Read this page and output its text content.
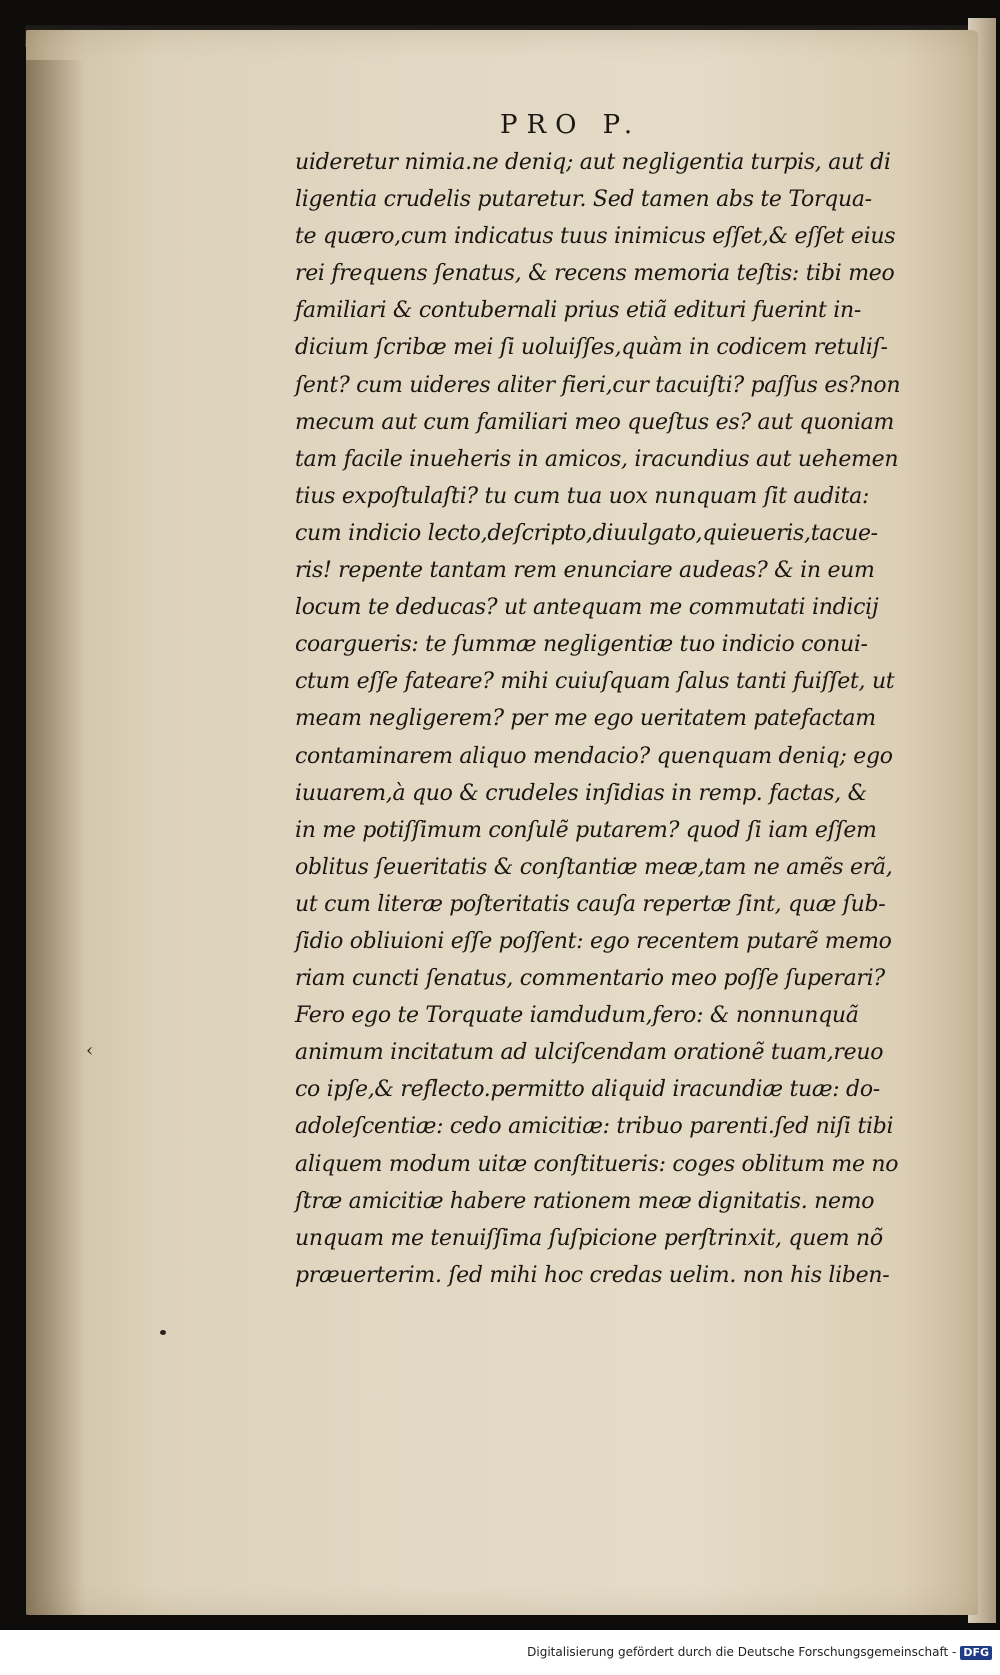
PRO P.
uideretur nimia.ne deniq; aut negligentia turpis, aut di
ligentia crudelis putaretur. Sed tamen abs te Torqua-
te quæro,cum indicatus tuus inimicus eſſet,& eſſet eius
rei frequens ſenatus, & recens memoria teſtis: tibi meo
familiari & contubernali prius etiã edituri fuerint in-
dicium ſcribæ mei ſi uoluiſſes,quàm in codicem retuliſ-
ſent? cum uideres aliter fieri,cur tacuiſti? paſſus es?non
mecum aut cum familiari meo queſtus es? aut quoniam
tam facile inueheris in amicos, iracundius aut uehemen
tius expoſtulaſti? tu cum tua uox nunquam ſit audita:
cum indicio lecto,deſcripto,diuulgato,quieueris,tacue-
ris! repente tantam rem enunciare audeas? & in eum
locum te deducas? ut antequam me commutati indicij
coargueris: te ſummæ negligentiæ tuo indicio conui-
ctum eſſe fateare? mihi cuiuſquam ſalus tanti fuiſſet, ut
meam negligerem? per me ego ueritatem patefactam
contaminarem aliquo mendacio? quenquam deniq; ego
iuuarem,à quo & crudeles inſidias in remp. factas, &
in me potiſſimum conſulẽ putarem? quod ſi iam eſſem
oblitus ſeueritatis & conſtantiæ meæ,tam ne amẽs erã,
ut cum literæ poſteritatis cauſa repertæ ſint, quæ ſub-
ſidio obliuioni eſſe poſſent: ego recentem putarẽ memo
riam cuncti ſenatus, commentario meo poſſe ſuperari?
Fero ego te Torquate iamdudum,fero: & nonnunquã
animum incitatum ad ulciſcendam orationẽ tuam,reuo
co ipſe,& reflecto.permitto aliquid iracundiæ tuæ: do-
adoleſcentiæ: cedo amicitiæ: tribuo parenti.ſed niſi tibi
aliquem modum uitæ conſtitueris: coges oblitum me no
ſtræ amicitiæ habere rationem meæ dignitatis. nemo
unquam me tenuiſſima ſuſpicione perſtrinxit, quem nõ
præuerterim. ſed mihi hoc credas uelim. non his liben-
‹
Digitalisierung gefördert durch die Deutsche Forschungsgemeinschaft - DFG
